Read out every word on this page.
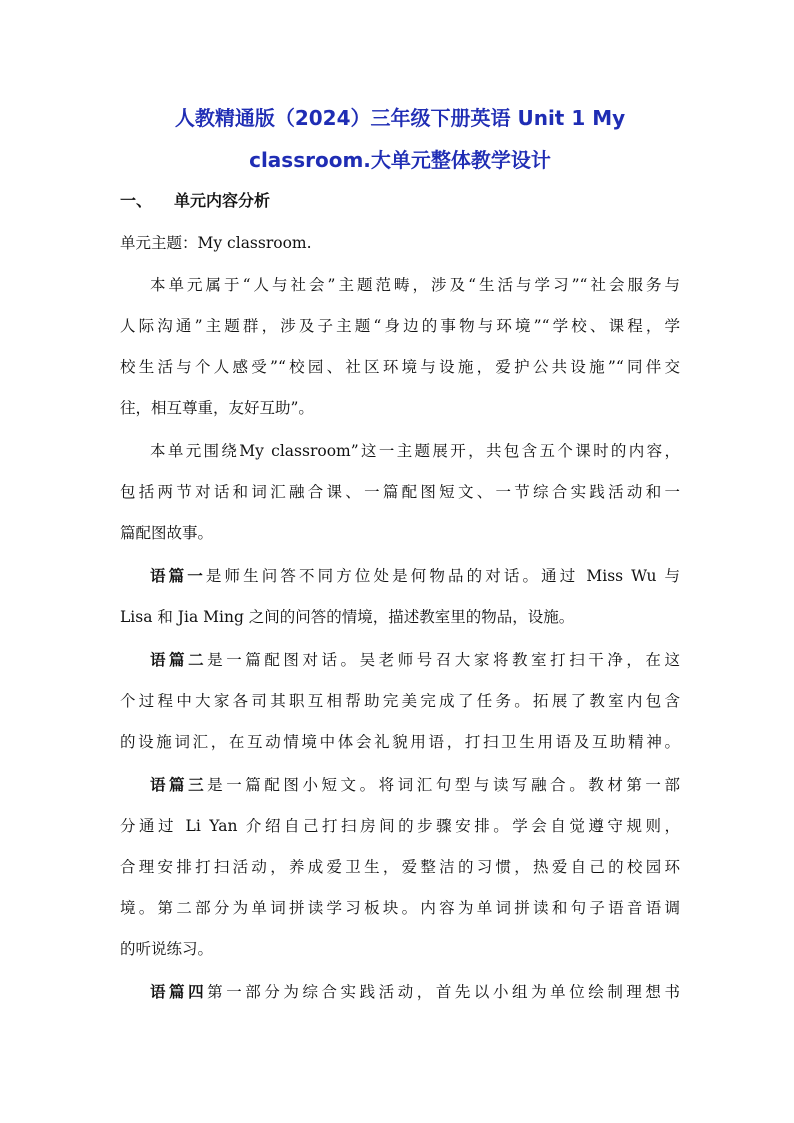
人教精通版（2024）三年级下册英语 Unit 1 My
classroom.大单元整体教学设计
一、 单元内容分析
单元主题：My classroom.
本单元属于“人与社会”主题范畴，涉及“生活与学习”“社会服务与
人际沟通”主题群，涉及子主题“身边的事物与环境”“学校、课程，学
校生活与个人感受”“校园、社区环境与设施，爱护公共设施”“同伴交
往，相互尊重，友好互助”。
本单元围绕My classroom”这一主题展开，共包含五个课时的内容，
包括两节对话和词汇融合课、一篇配图短文、一节综合实践活动和一
篇配图故事。
语篇一是师生问答不同方位处是何物品的对话。通过 Miss Wu 与
Lisa 和 Jia Ming 之间的问答的情境，描述教室里的物品，设施。
语篇二是一篇配图对话。吴老师号召大家将教室打扫干净，在这
个过程中大家各司其职互相帮助完美完成了任务。拓展了教室内包含
的设施词汇，在互动情境中体会礼貌用语，打扫卫生用语及互助精神。
语篇三是一篇配图小短文。将词汇句型与读写融合。教材第一部
分通过 Li Yan 介绍自己打扫房间的步骤安排。学会自觉遵守规则，
合理安排打扫活动，养成爱卫生，爱整洁的习惯，热爱自己的校园环
境。第二部分为单词拼读学习板块。内容为单词拼读和句子语音语调
的听说练习。
语篇四第一部分为综合实践活动，首先以小组为单位绘制理想书
